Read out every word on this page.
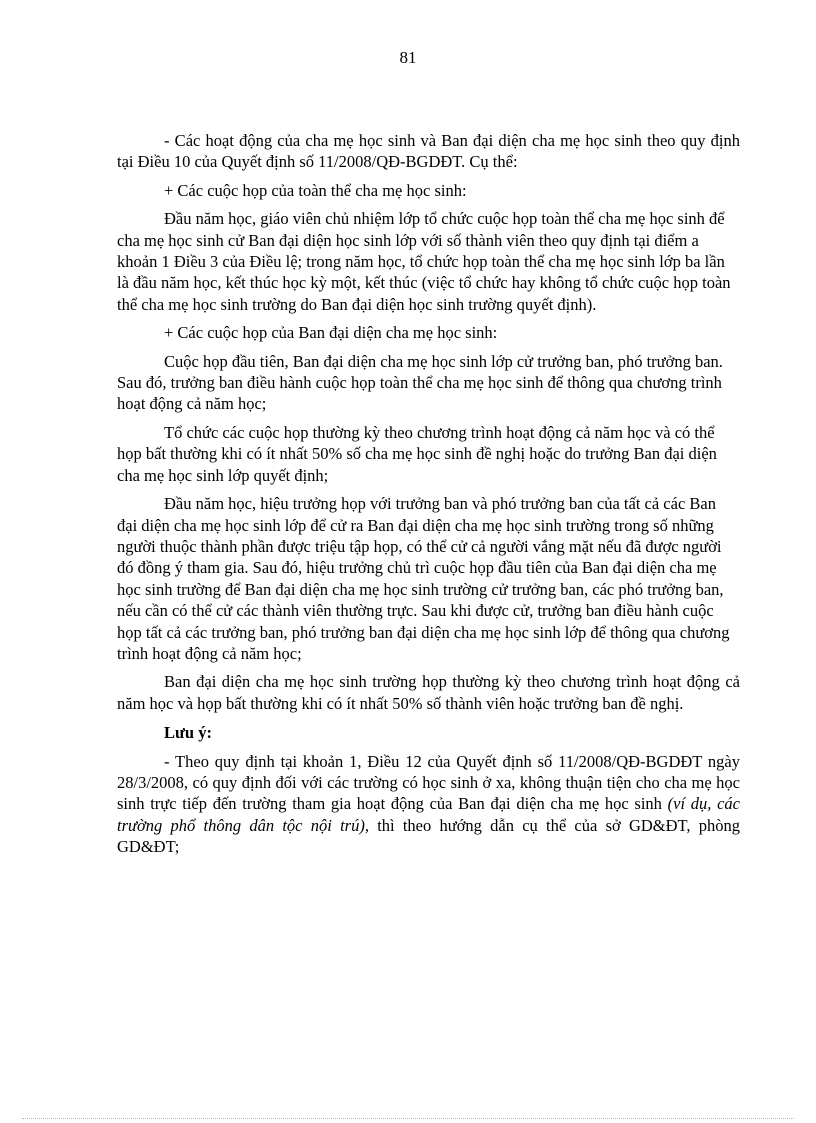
81

- Các hoạt động của cha mẹ học sinh và Ban đại diện cha mẹ học sinh theo quy định tại Điều 10 của Quyết định số 11/2008/QĐ-BGDĐT. Cụ thể:

+ Các cuộc họp của toàn thể cha mẹ học sinh:

Đầu năm học, giáo viên chủ nhiệm lớp tổ chức cuộc họp toàn thể cha mẹ học sinh để cha mẹ học sinh cử Ban đại diện học sinh lớp với số thành viên theo quy định tại điểm a khoản 1 Điều 3 của Điều lệ; trong năm học, tổ chức họp toàn thể cha mẹ học sinh lớp ba lần là đầu năm học, kết thúc học kỳ một, kết thúc (việc tổ chức hay không tổ chức cuộc họp toàn thể cha mẹ học sinh trường do Ban đại diện học sinh trường quyết định).

+ Các cuộc họp của Ban đại diện cha mẹ học sinh:

Cuộc họp đầu tiên, Ban đại diện cha mẹ học sinh lớp cử trưởng ban, phó trưởng ban. Sau đó, trưởng ban điều hành cuộc họp toàn thể cha mẹ học sinh để thông qua chương trình hoạt động cả năm học;

Tổ chức các cuộc họp thường kỳ theo chương trình hoạt động cả năm học và có thể họp bất thường khi có ít nhất 50% số cha mẹ học sinh đề nghị hoặc do trưởng Ban đại diện cha mẹ học sinh lớp quyết định;

Đầu năm học, hiệu trưởng họp với trưởng ban và phó trưởng ban của tất cả các Ban đại diện cha mẹ học sinh lớp để cử ra Ban đại diện cha mẹ học sinh trường trong số những người thuộc thành phần được triệu tập họp, có thể cử cả người vắng mặt nếu đã được người đó đồng ý tham gia. Sau đó, hiệu trưởng chủ trì cuộc họp đầu tiên của Ban đại diện cha mẹ học sinh trường để Ban đại diện cha mẹ học sinh trường cử trưởng ban, các phó trưởng ban, nếu cần có thể cử các thành viên thường trực. Sau khi được cử, trưởng ban điều hành cuộc họp tất cả các trưởng ban, phó trưởng ban đại diện cha mẹ học sinh lớp để thông qua chương trình hoạt động cả năm học;

Ban đại diện cha mẹ học sinh trường họp thường kỳ theo chương trình hoạt động cả năm học và họp bất thường khi có ít nhất 50% số thành viên hoặc trưởng ban đề nghị.

Lưu ý:

- Theo quy định tại khoản 1, Điều 12 của Quyết định số 11/2008/QĐ-BGDĐT ngày 28/3/2008, có quy định đối với các trường có học sinh ở xa, không thuận tiện cho cha mẹ học sinh trực tiếp đến trường tham gia hoạt động của Ban đại diện cha mẹ học sinh (ví dụ, các trường phổ thông dân tộc nội trú), thì theo hướng dẫn cụ thể của sở GD&ĐT, phòng GD&ĐT;
